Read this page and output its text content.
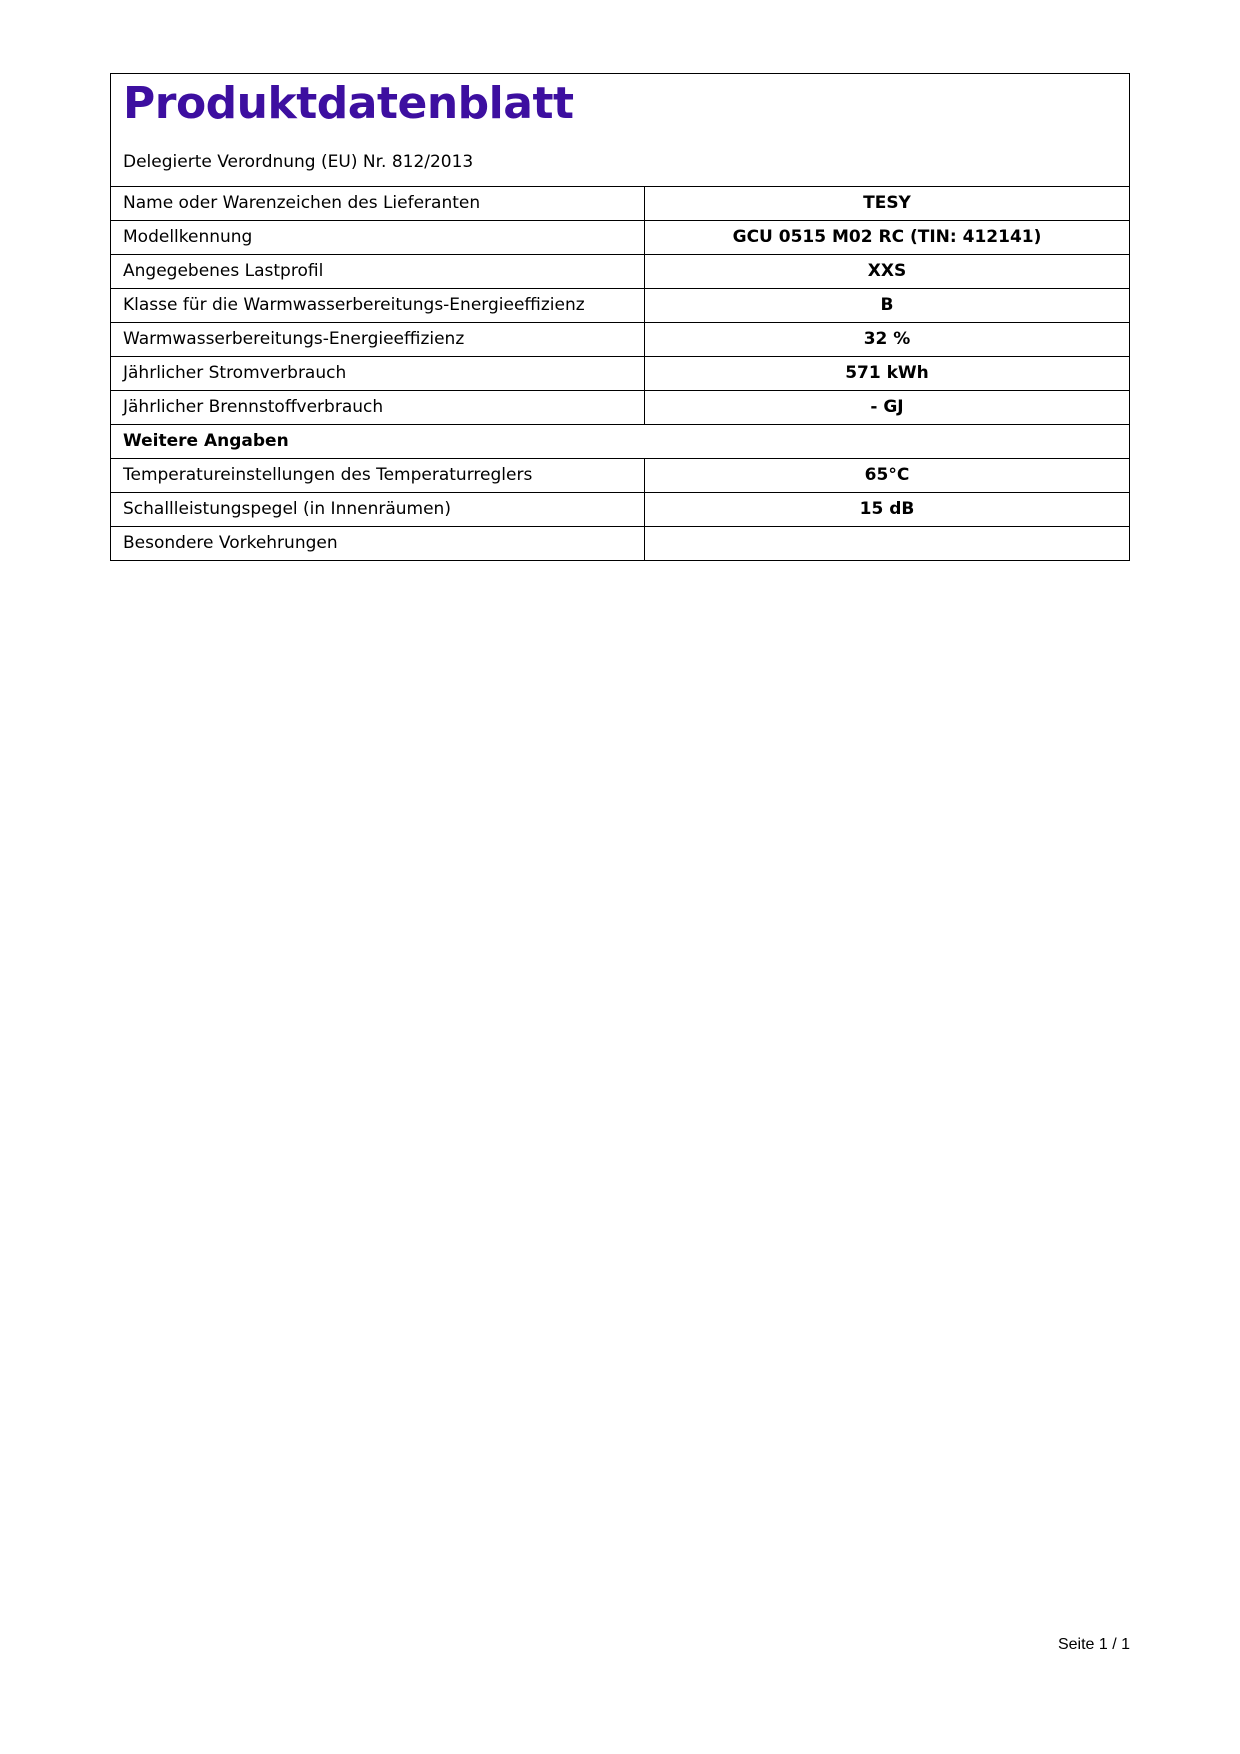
Produktdatenblatt
Delegierte Verordnung (EU) Nr. 812/2013
Name oder Warenzeichen des Lieferanten	TESY
Modellkennung	GCU 0515 M02 RC (TIN: 412141)
Angegebenes Lastprofil	XXS
Klasse für die Warmwasserbereitungs-Energieeffizienz	B
Warmwasserbereitungs-Energieeffizienz	32 %
Jährlicher Stromverbrauch	571 kWh
Jährlicher Brennstoffverbrauch	- GJ
Weitere Angaben	
Temperatureinstellungen des Temperaturreglers	65°C
Schallleistungspegel (in Innenräumen)	15 dB
Besondere Vorkehrungen	
Seite 1 / 1
